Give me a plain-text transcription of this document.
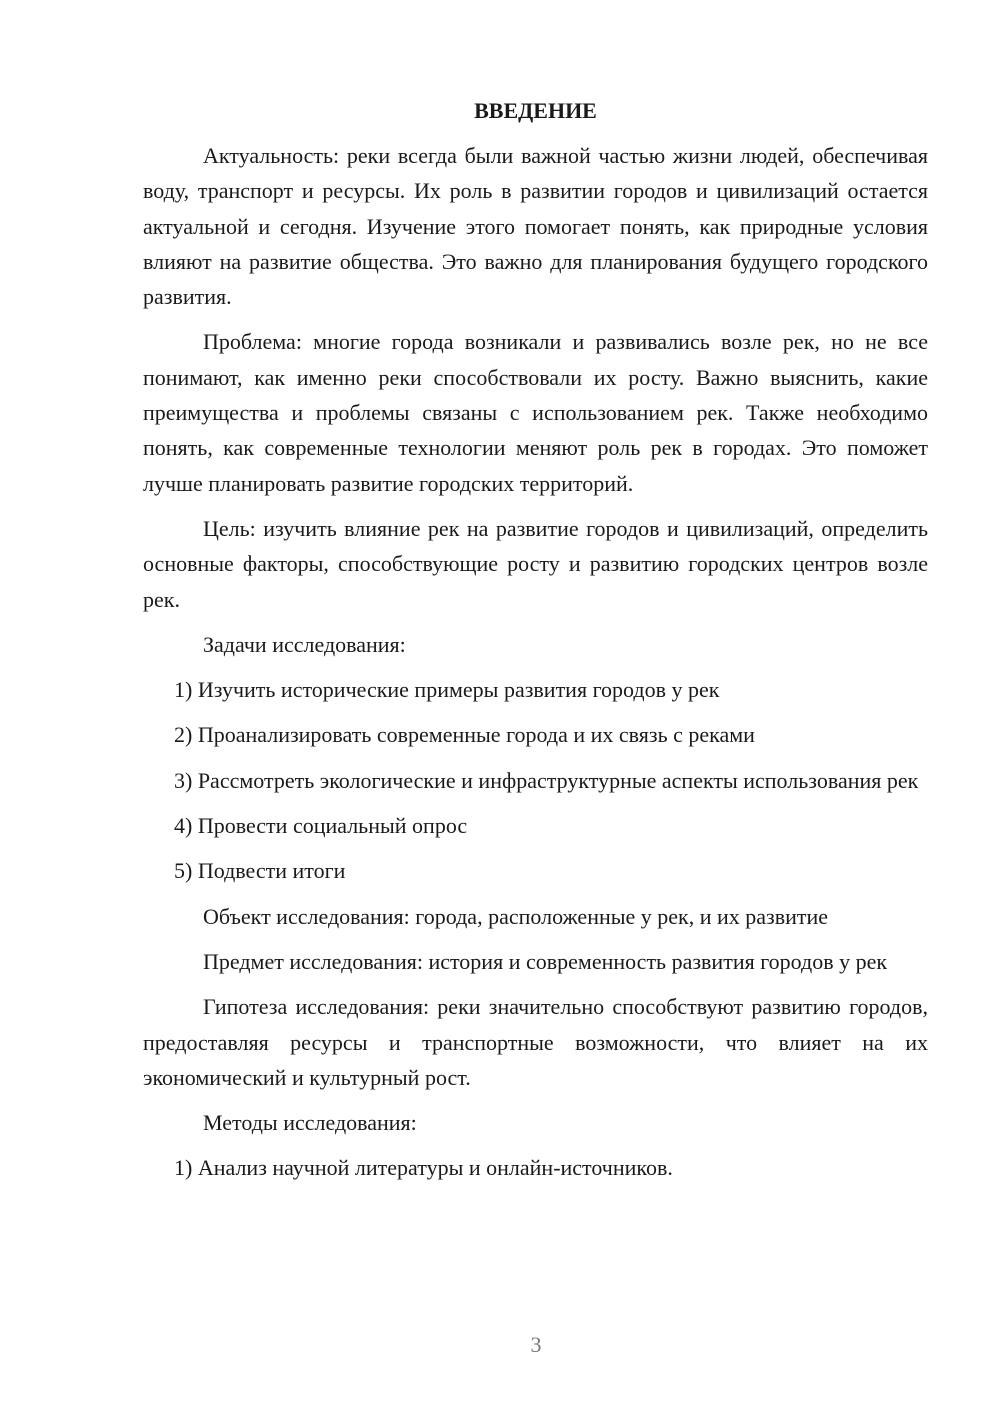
ВВЕДЕНИЕ

Актуальность: реки всегда были важной частью жизни людей, обеспечивая воду, транспорт и ресурсы. Их роль в развитии городов и цивилизаций остается актуальной и сегодня. Изучение этого помогает понять, как природные условия влияют на развитие общества. Это важно для планирования будущего городского развития.

Проблема: многие города возникали и развивались возле рек, но не все понимают, как именно реки способствовали их росту. Важно выяснить, какие преимущества и проблемы связаны с использованием рек. Также необходимо понять, как современные технологии меняют роль рек в городах. Это поможет лучше планировать развитие городских территорий.

Цель: изучить влияние рек на развитие городов и цивилизаций, определить основные факторы, способствующие росту и развитию городских центров возле рек.

Задачи исследования:

1) Изучить исторические примеры развития городов у рек

2) Проанализировать современные города и их связь с реками

3) Рассмотреть экологические и инфраструктурные аспекты использования рек

4) Провести социальный опрос

5) Подвести итоги

Объект исследования: города, расположенные у рек, и их развитие

Предмет исследования: история и современность развития городов у рек

Гипотеза исследования: реки значительно способствуют развитию городов, предоставляя ресурсы и транспортные возможности, что влияет на их экономический и культурный рост.

Методы исследования:

1) Анализ научной литературы и онлайн-источников.

3
